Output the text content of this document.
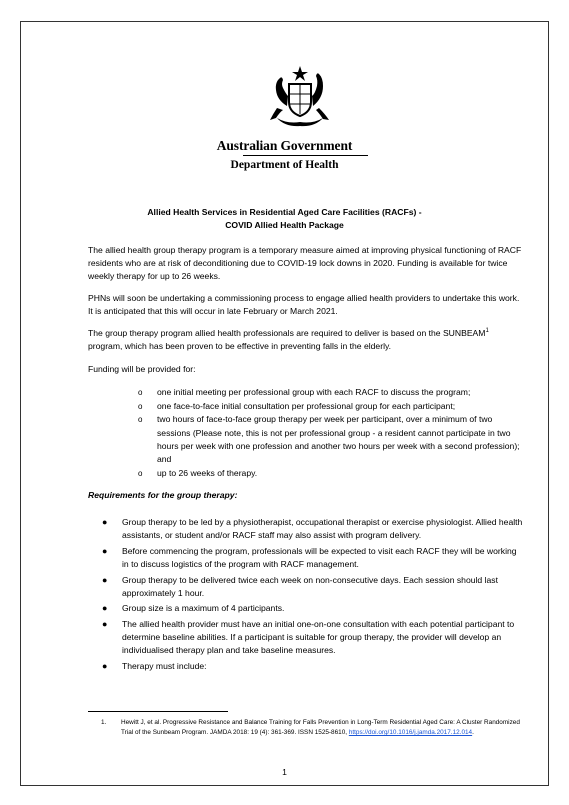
Australian Government
Department of Health
Allied Health Services in Residential Aged Care Facilities (RACFs) -
COVID Allied Health Package

The allied health group therapy program is a temporary measure aimed at improving physical functioning of RACF residents who are at risk of deconditioning due to COVID-19 lock downs in 2020. Funding is available for twice weekly therapy for up to 26 weeks.

PHNs will soon be undertaking a commissioning process to engage allied health providers to undertake this work. It is anticipated that this will occur in late February or March 2021.

The group therapy program allied health professionals are required to deliver is based on the SUNBEAM$^1$ program, which has been proven to be effective in preventing falls in the elderly.

Funding will be provided for:

o one initial meeting per professional group with each RACF to discuss the program;
o one face-to-face initial consultation per professional group for each participant;
o two hours of face-to-face group therapy per week per participant, over a minimum of two sessions (Please note, this is not per professional group - a resident cannot participate in two hours per week with one profession and another two hours per week with a second profession); and
o up to 26 weeks of therapy.
Requirements for the group therapy:
● Group therapy to be led by a physiotherapist, occupational therapist or exercise physiologist. Allied health assistants, or student and/or RACF staff may also assist with program delivery.
● Before commencing the program, professionals will be expected to visit each RACF they will be working in to discuss logistics of the program with RACF management.
● Group therapy to be delivered twice each week on non-consecutive days. Each session should last approximately 1 hour.
● Group size is a maximum of 4 participants.
● The allied health provider must have an initial one-on-one consultation with each potential participant to determine baseline abilities. If a participant is suitable for group therapy, the provider will develop an individualised therapy plan and take baseline measures.
● Therapy must include:
1.	Hewitt J, et al. Progressive Resistance and Balance Training for Falls Prevention in Long-Term Residential Aged Care: A Cluster Randomized Trial of the Sunbeam Program. JAMDA 2018: 19 (4): 361-369. ISSN 1525-8610, https://doi.org/10.1016/j.jamda.2017.12.014.
1
